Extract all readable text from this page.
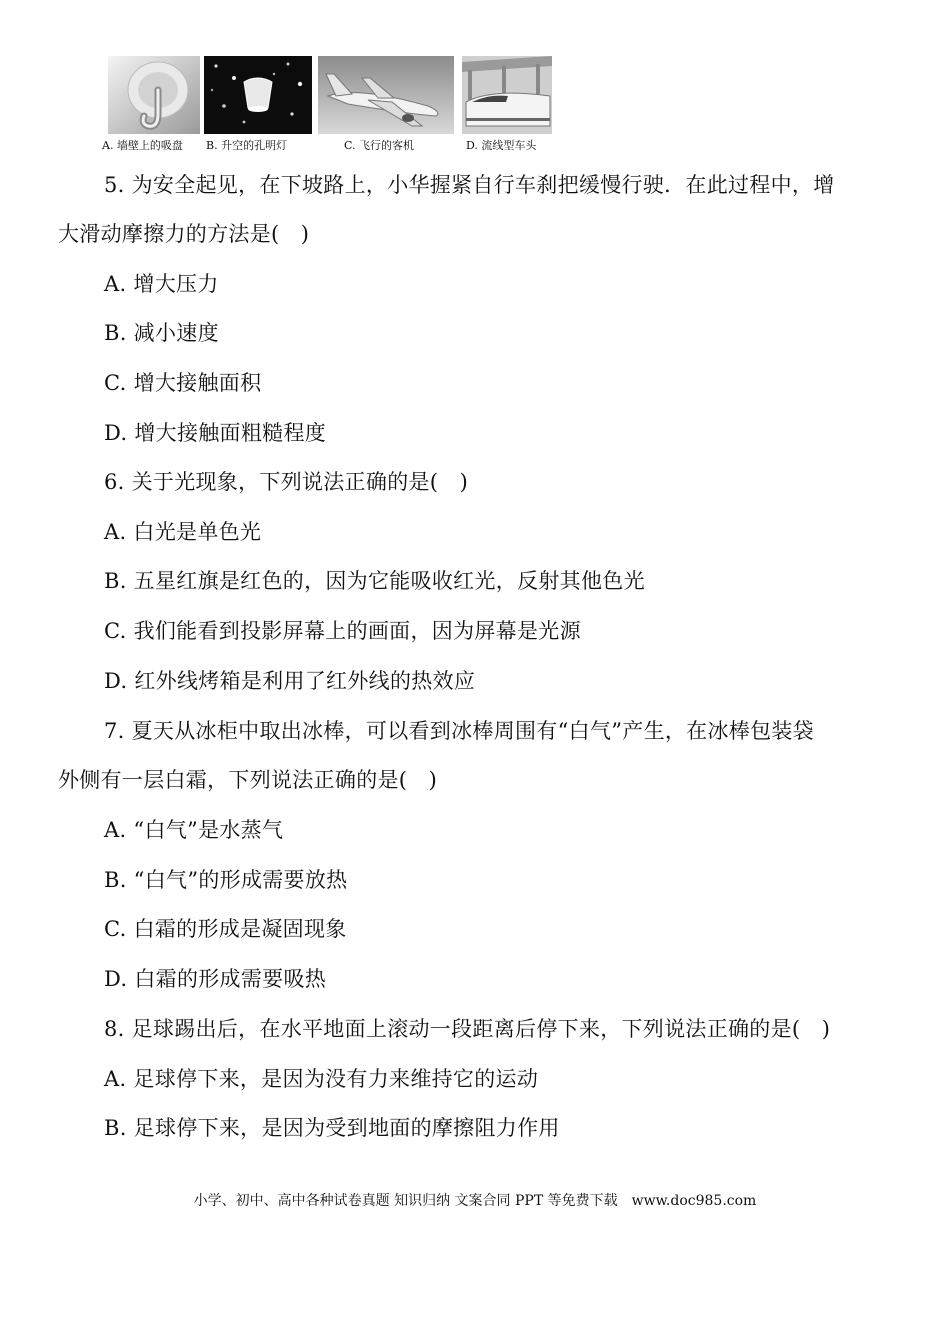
A. 墙壁上的吸盘 B. 升空的孔明灯	C. 飞行的客机	D. 流线型车头
5. 为安全起见，在下坡路上，小华握紧自行车刹把缓慢行驶．在此过程中，增
大滑动摩擦力的方法是(　)
A. 增大压力
B. 减小速度
C. 增大接触面积
D. 增大接触面粗糙程度
6. 关于光现象，下列说法正确的是(　)
A. 白光是单色光
B. 五星红旗是红色的，因为它能吸收红光，反射其他色光
C. 我们能看到投影屏幕上的画面，因为屏幕是光源
D. 红外线烤箱是利用了红外线的热效应
7. 夏天从冰柜中取出冰棒，可以看到冰棒周围有“白气”产生，在冰棒包装袋
外侧有一层白霜，下列说法正确的是(　)
A. “白气”是水蒸气
B. “白气”的形成需要放热
C. 白霜的形成是凝固现象
D. 白霜的形成需要吸热
8. 足球踢出后，在水平地面上滚动一段距离后停下来，下列说法正确的是(　)
A. 足球停下来，是因为没有力来维持它的运动
B. 足球停下来，是因为受到地面的摩擦阻力作用
小学、初中、高中各种试卷真题 知识归纳 文案合同 PPT 等免费下载　www.doc985.com
